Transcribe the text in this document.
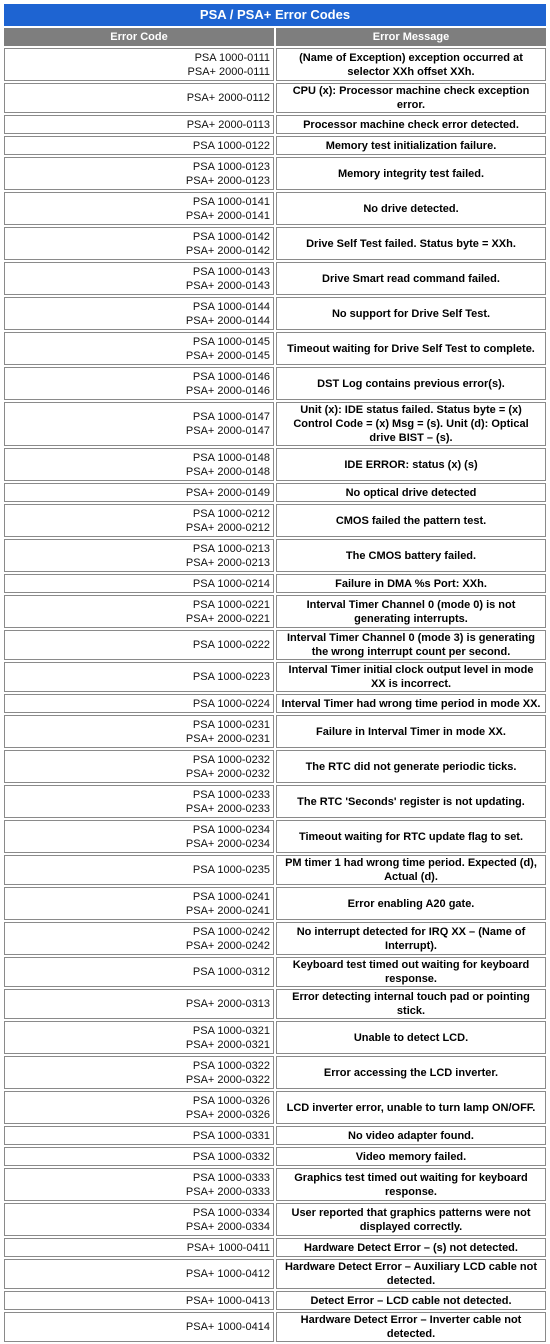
PSA / PSA+ Error Codes	
Error Code	Error Message

PSA 1000-0111
PSA+ 2000-0111	(Name of Exception) exception occurred at selector XXh offset XXh.

PSA+ 2000-0112	CPU (x): Processor machine check exception error.

PSA+ 2000-0113	Processor machine check error detected.

PSA 1000-0122	Memory test initialization failure.

PSA 1000-0123
PSA+ 2000-0123	Memory integrity test failed.

PSA 1000-0141
PSA+ 2000-0141	No drive detected.

PSA 1000-0142
PSA+ 2000-0142	Drive Self Test failed. Status byte = XXh.

PSA 1000-0143
PSA+ 2000-0143	Drive Smart read command failed.

PSA 1000-0144
PSA+ 2000-0144	No support for Drive Self Test.

PSA 1000-0145
PSA+ 2000-0145	Timeout waiting for Drive Self Test to complete.

PSA 1000-0146
PSA+ 2000-0146	DST Log contains previous error(s).

PSA 1000-0147
PSA+ 2000-0147	Unit (x): IDE status failed. Status byte = (x) Control Code = (x) Msg = (s). Unit (d): Optical drive BIST – (s).

PSA 1000-0148
PSA+ 2000-0148	IDE ERROR: status (x) (s)

PSA+ 2000-0149	No optical drive detected

PSA 1000-0212
PSA+ 2000-0212	CMOS failed the pattern test.

PSA 1000-0213
PSA+ 2000-0213	The CMOS battery failed.

PSA 1000-0214	Failure in DMA %s Port: XXh.

PSA 1000-0221
PSA+ 2000-0221	Interval Timer Channel 0 (mode 0) is not generating interrupts.

PSA 1000-0222	Interval Timer Channel 0 (mode 3) is generating the wrong interrupt count per second.

PSA 1000-0223	Interval Timer initial clock output level in mode XX is incorrect.

PSA 1000-0224	Interval Timer had wrong time period in mode XX.

PSA 1000-0231
PSA+ 2000-0231	Failure in Interval Timer in mode XX.

PSA 1000-0232
PSA+ 2000-0232	The RTC did not generate periodic ticks.

PSA 1000-0233
PSA+ 2000-0233	The RTC 'Seconds' register is not updating.

PSA 1000-0234
PSA+ 2000-0234	Timeout waiting for RTC update flag to set.

PSA 1000-0235	PM timer 1 had wrong time period. Expected (d), Actual (d).

PSA 1000-0241
PSA+ 2000-0241	Error enabling A20 gate.

PSA 1000-0242
PSA+ 2000-0242	No interrupt detected for IRQ XX – (Name of Interrupt).

PSA 1000-0312	Keyboard test timed out waiting for keyboard response.

PSA+ 2000-0313	Error detecting internal touch pad or pointing stick.

PSA 1000-0321
PSA+ 2000-0321	Unable to detect LCD.

PSA 1000-0322
PSA+ 2000-0322	Error accessing the LCD inverter.

PSA 1000-0326
PSA+ 2000-0326	LCD inverter error, unable to turn lamp ON/OFF.

PSA 1000-0331	No video adapter found.

PSA 1000-0332	Video memory failed.

PSA 1000-0333
PSA+ 2000-0333	Graphics test timed out waiting for keyboard response.

PSA 1000-0334
PSA+ 2000-0334	User reported that graphics patterns were not displayed correctly.

PSA+ 1000-0411	Hardware Detect Error – (s) not detected.

PSA+ 1000-0412	Hardware Detect Error – Auxiliary LCD cable not detected.

PSA+ 1000-0413	Detect Error – LCD cable not detected.

PSA+ 1000-0414	Hardware Detect Error – Inverter cable not detected.
